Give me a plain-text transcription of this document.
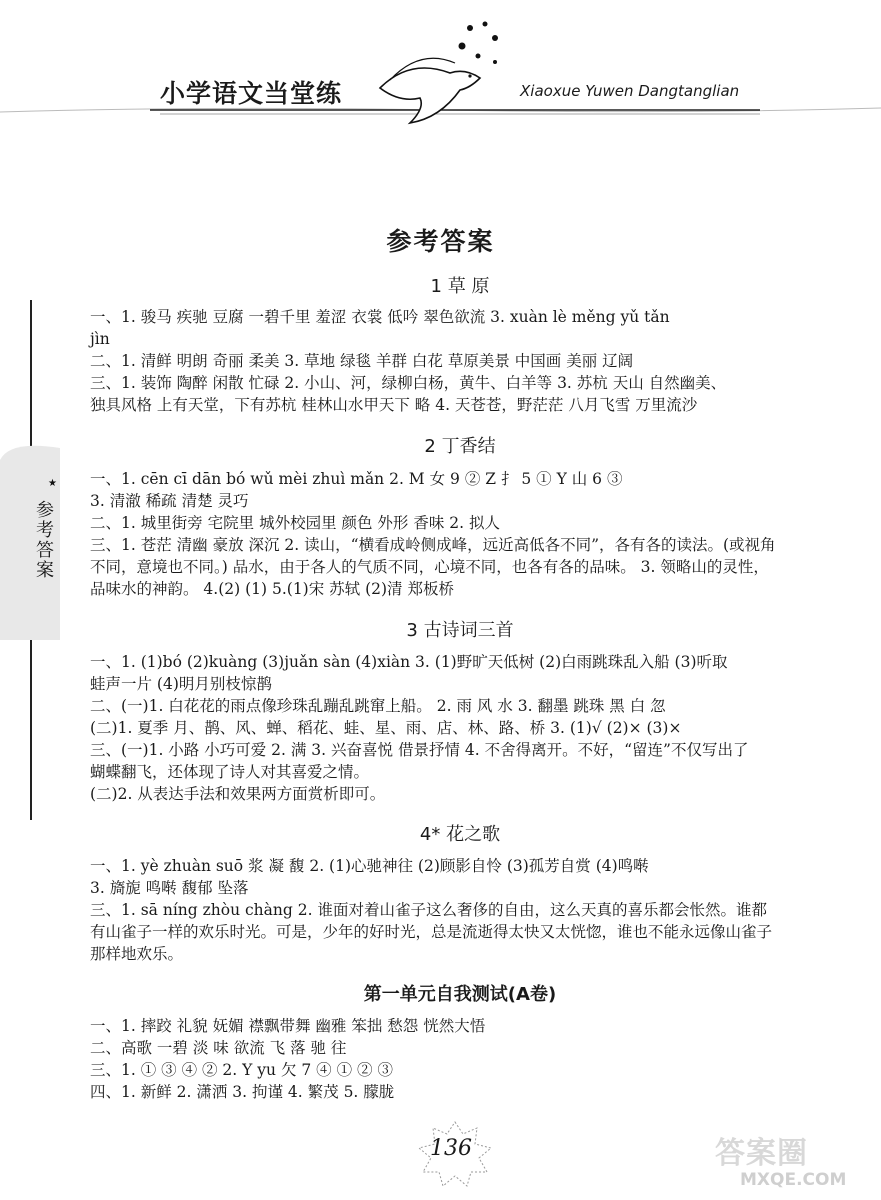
小学语文当堂练	Xiaoxue Yuwen Dangtanglian
★
参考答案
参考答案
1 草 原
一、1. 骏马 疾驰 豆腐 一碧千里 羞涩 衣裳 低吟 翠色欲流 3. xuàn lè měng yǔ tǎn
jìn
二、1. 清鲜 明朗 奇丽 柔美 3. 草地 绿毯 羊群 白花 草原美景 中国画 美丽 辽阔
三、1. 装饰 陶醉 闲散 忙碌 2. 小山、河，绿柳白杨，黄牛、白羊等 3. 苏杭 天山 自然幽美、
独具风格 上有天堂，下有苏杭 桂林山水甲天下 略 4. 天苍苍，野茫茫 八月飞雪 万里流沙
2 丁香结
一、1. cēn cī dān bó wǔ mèi zhuì mǎn 2. M 女 9 ② Z 扌 5 ① Y 山 6 ③
3. 清澈 稀疏 清楚 灵巧
二、1. 城里街旁 宅院里 城外校园里 颜色 外形 香味 2. 拟人
三、1. 苍茫 清幽 豪放 深沉 2. 读山，“横看成岭侧成峰，远近高低各不同”，各有各的读法。(或视角
不同，意境也不同。) 品水，由于各人的气质不同，心境不同，也各有各的品味。 3. 领略山的灵性，
品味水的神韵。 4.(2) (1) 5.(1)宋 苏轼 (2)清 郑板桥
3 古诗词三首
一、1. (1)bó (2)kuàng (3)juǎn sàn (4)xiàn 3. (1)野旷天低树 (2)白雨跳珠乱入船 (3)听取
蛙声一片 (4)明月别枝惊鹊
二、(一)1. 白花花的雨点像珍珠乱蹦乱跳窜上船。 2. 雨 风 水 3. 翻墨 跳珠 黑 白 忽
(二)1. 夏季 月、鹊、风、蝉、稻花、蛙、星、雨、店、林、路、桥 3. (1)√ (2)× (3)×
三、(一)1. 小路 小巧可爱 2. 满 3. 兴奋喜悦 借景抒情 4. 不舍得离开。不好，“留连”不仅写出了
蝴蝶翻飞，还体现了诗人对其喜爱之情。
(二)2. 从表达手法和效果两方面赏析即可。
4* 花之歌
一、1. yè zhuàn suō 浆 凝 馥 2. (1)心驰神往 (2)顾影自怜 (3)孤芳自赏 (4)鸣啭
3. 旖旎 鸣啭 馥郁 坠落
三、1. sā níng zhòu chàng 2. 谁面对着山雀子这么奢侈的自由，这么天真的喜乐都会怅然。谁都
有山雀子一样的欢乐时光。可是，少年的好时光，总是流逝得太快又太恍惚，谁也不能永远像山雀子
那样地欢乐。
第一单元自我测试(A卷)
一、1. 摔跤 礼貌 妩媚 襟飘带舞 幽雅 笨拙 愁怨 恍然大悟
二、高歌 一碧 淡 味 欲流 飞 落 驰 往
三、1. ① ③ ④ ② 2. Y yu 欠 7 ④ ① ② ③
四、1. 新鲜 2. 潇洒 3. 拘谨 4. 繁茂 5. 朦胧
136	答案圈
MXQE.COM
